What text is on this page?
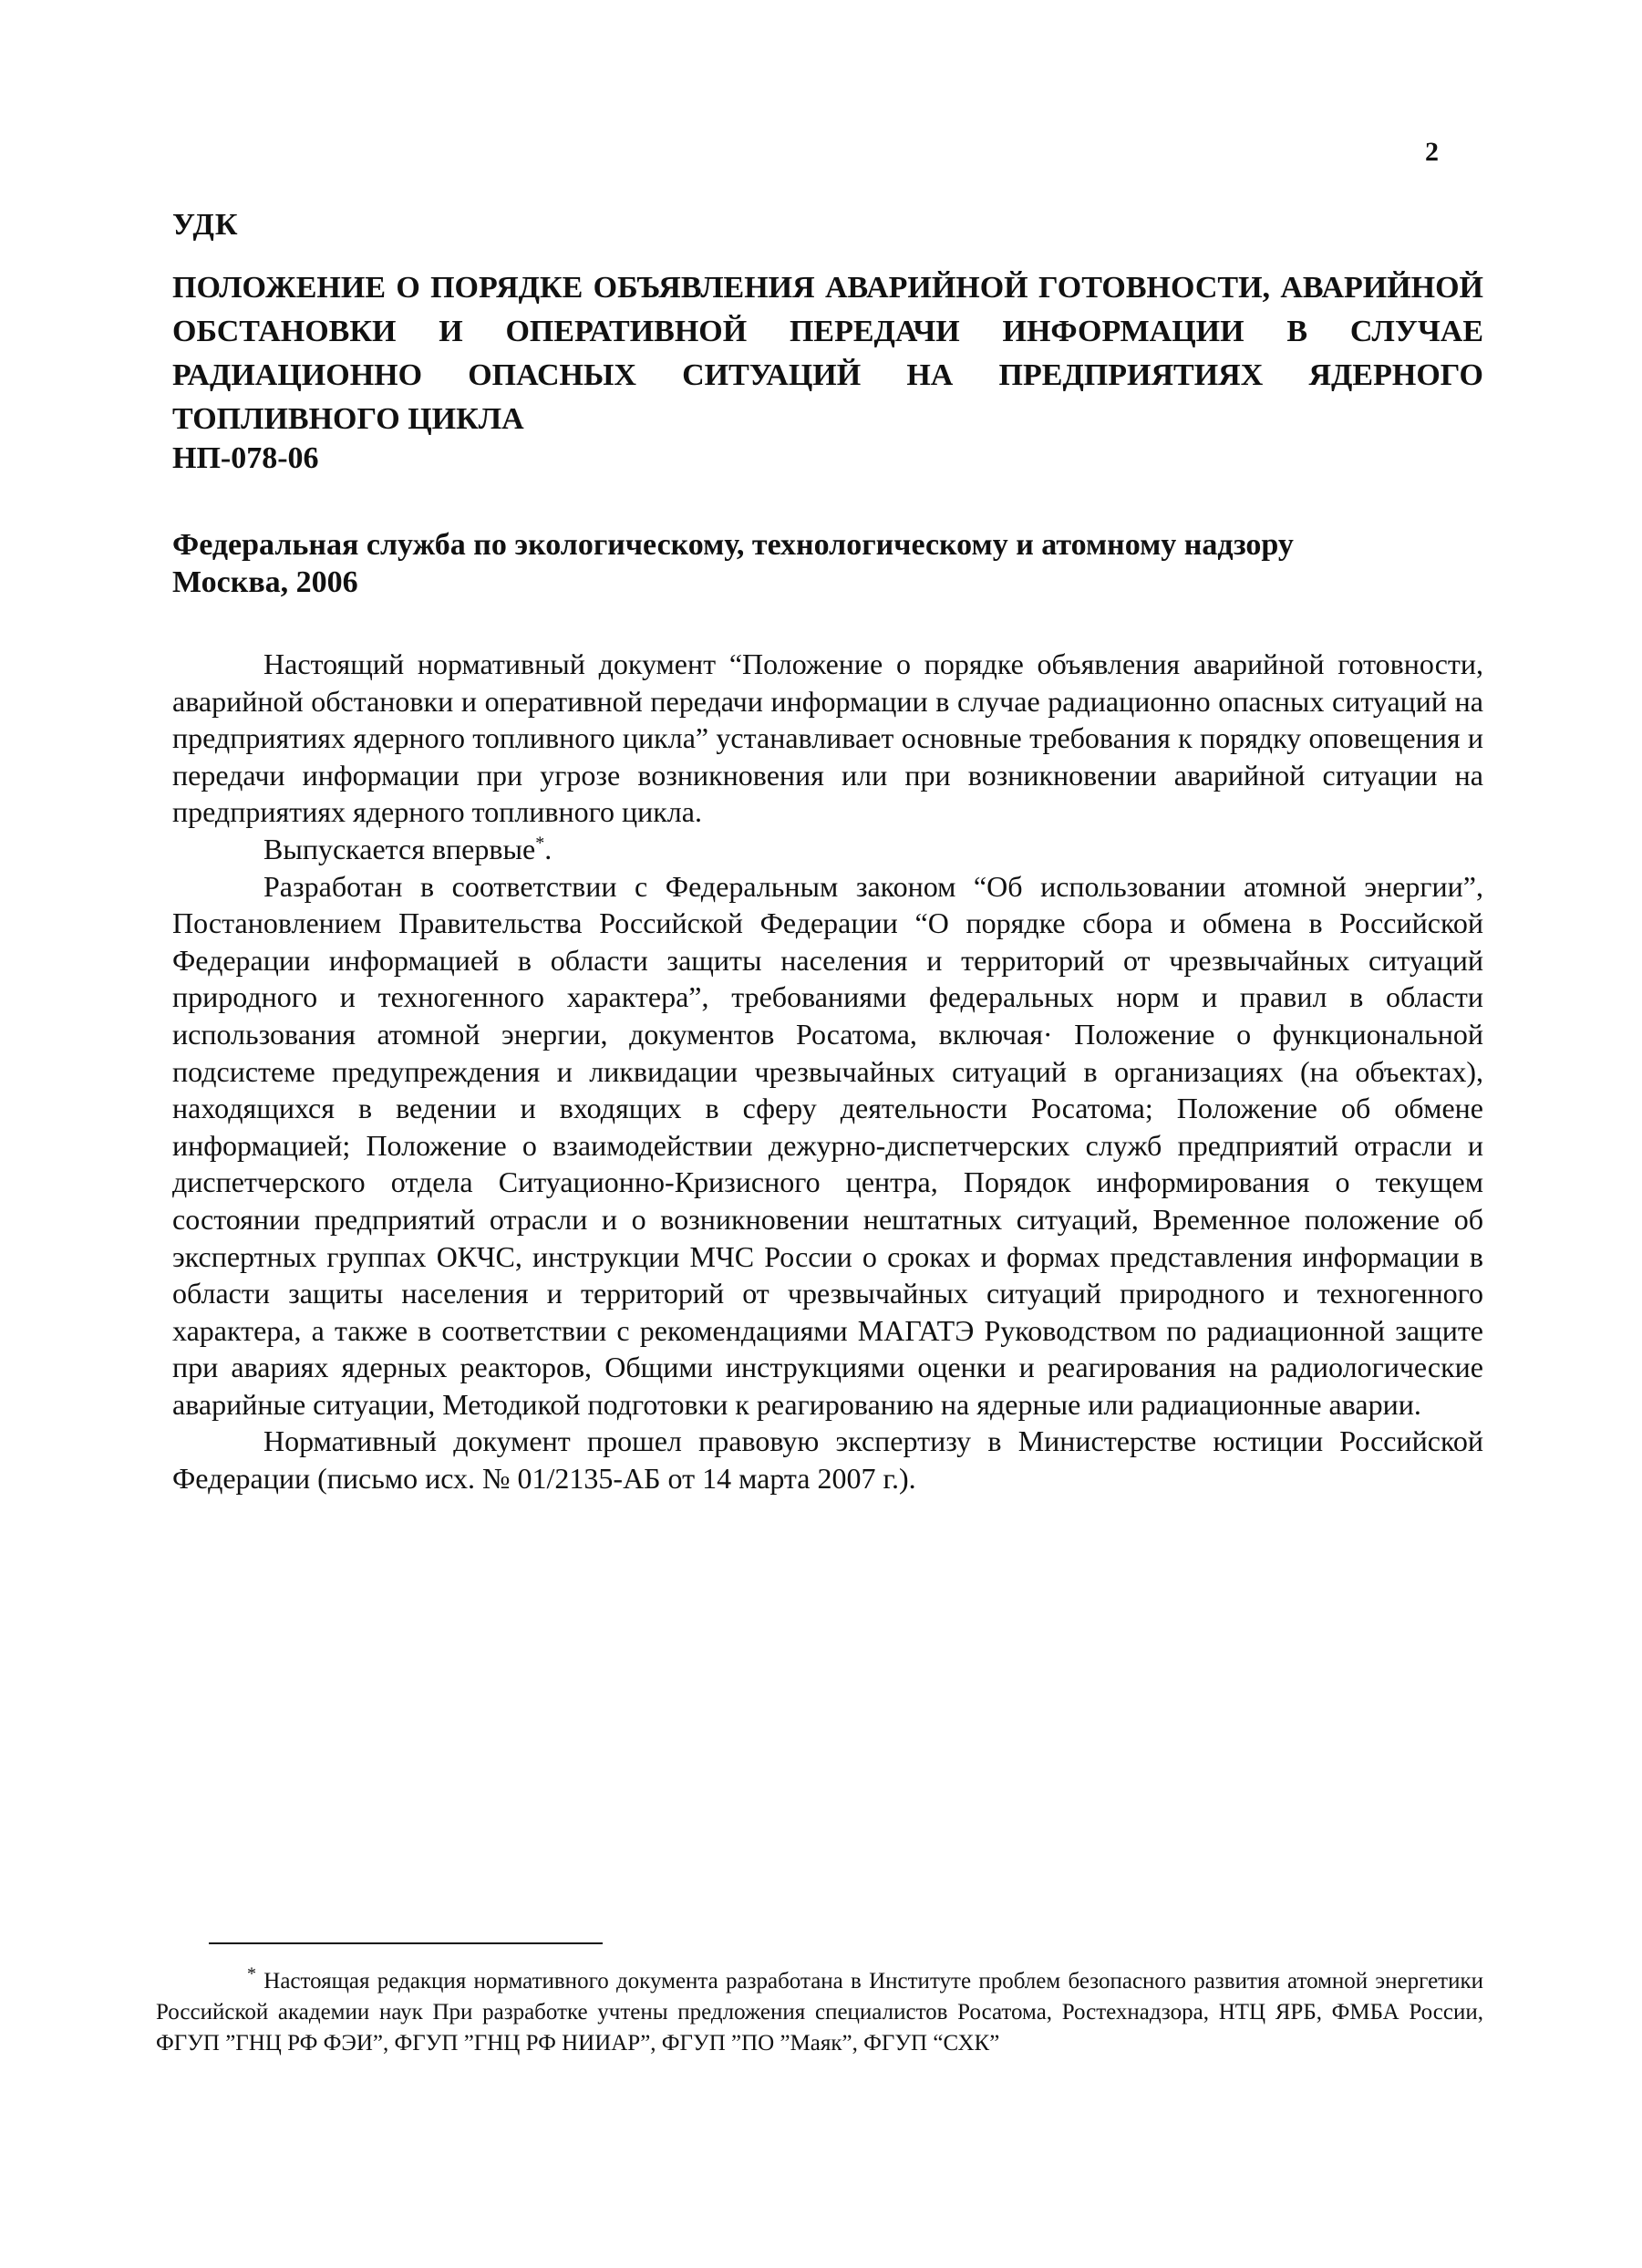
2
УДК
ПОЛОЖЕНИЕ О ПОРЯДКЕ ОБЪЯВЛЕНИЯ АВАРИЙНОЙ ГОТОВНОСТИ, АВАРИЙНОЙ ОБСТАНОВКИ И ОПЕРАТИВНОЙ ПЕРЕДАЧИ ИНФОРМАЦИИ В СЛУЧАЕ РАДИАЦИОННО ОПАСНЫХ СИТУАЦИЙ НА ПРЕДПРИЯТИЯХ ЯДЕРНОГО ТОПЛИВНОГО ЦИКЛА
НП-078-06
Федеральная служба по экологическому, технологическому и атомному надзору
Москва, 2006

Настоящий нормативный документ “Положение о порядке объявления аварийной готовности, аварийной обстановки и оперативной передачи информации в случае радиационно опасных ситуаций на предприятиях ядерного топливного цикла” устанавливает основные требования к порядку оповещения и передачи информации при угрозе возникновения или при возникновении аварийной ситуации на предприятиях ядерного топливного цикла.

Выпускается впервые*.

Разработан в соответствии с Федеральным законом “Об использовании атомной энергии”, Постановлением Правительства Российской Федерации “О порядке сбора и обмена в Российской Федерации информацией в области защиты населения и территорий от чрезвычайных ситуаций природного и техногенного характера”, требованиями федеральных норм и правил в области использования атомной энергии, документов Росатома, включая· Положение о функциональной подсистеме предупреждения и ликвидации чрезвычайных ситуаций в организациях (на объектах), находящихся в ведении и входящих в сферу деятельности Росатома; Положение об обмене информацией; Положение о взаимодействии дежурно-диспетчерских служб предприятий отрасли и диспетчерского отдела Ситуационно-Кризисного центра, Порядок информирования о текущем состоянии предприятий отрасли и о возникновении нештатных ситуаций, Временное положение об экспертных группах ОКЧС, инструкции МЧС России о сроках и формах представления информации в области защиты населения и территорий от чрезвычайных ситуаций природного и техногенного характера, а также в соответствии с рекомендациями МАГАТЭ Руководством по радиационной защите при авариях ядерных реакторов, Общими инструкциями оценки и реагирования на радиологические аварийные ситуации, Методикой подготовки к реагированию на ядерные или радиационные аварии.

Нормативный документ прошел правовую экспертизу в Министерстве юстиции Российской Федерации (письмо исх. № 01/2135-АБ от 14 марта 2007 г.).

* Настоящая редакция нормативного документа разработана в Институте проблем безопасного развития атомной энергетики Российской академии наук При разработке учтены предложения специалистов Росатома, Ростехнадзора, НТЦ ЯРБ, ФМБА России, ФГУП ”ГНЦ РФ ФЭИ”, ФГУП ”ГНЦ РФ НИИАР”, ФГУП ”ПО ”Маяк”, ФГУП “СХК”
